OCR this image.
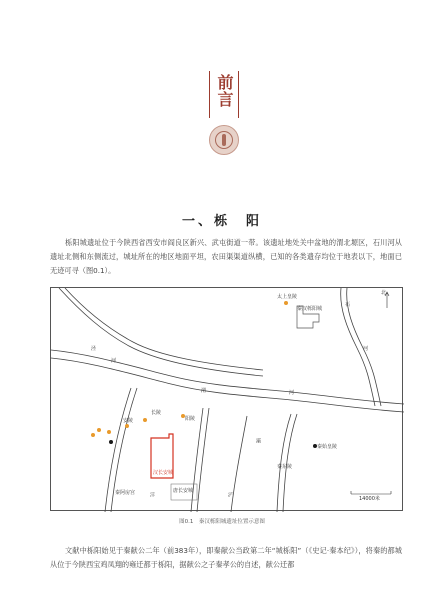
前言
一、栎　阳

栎阳城遗址位于今陕西省西安市阎良区新兴、武屯街道一带。该遗址地处关中盆地的渭北塬区，石川河从遗址北侧和东侧流过，城址所在的地区地面平坦，农田渠渠道纵横，已知的各类遗存均位于地表以下，地面已无迹可寻（图0.1）。

太上皇陵
秦汉栎阳城
石
河
北
长陵
安陵	阳陵
泾
河
渭	河
秦始皇陵
秦东陵
汉长安城
唐长安城
秦阿房宫	沣	浐
灞
14000米
图0.1　秦汉栎阳城遗址位置示意图

文献中栎阳始见于秦献公二年（前383年），即秦献公当政第二年“城栎阳”（《史记·秦本纪》），将秦的都城从位于今陕西宝鸡凤翔的雍迁都于栎阳，据献公之子秦孝公的自述，献公迁都
